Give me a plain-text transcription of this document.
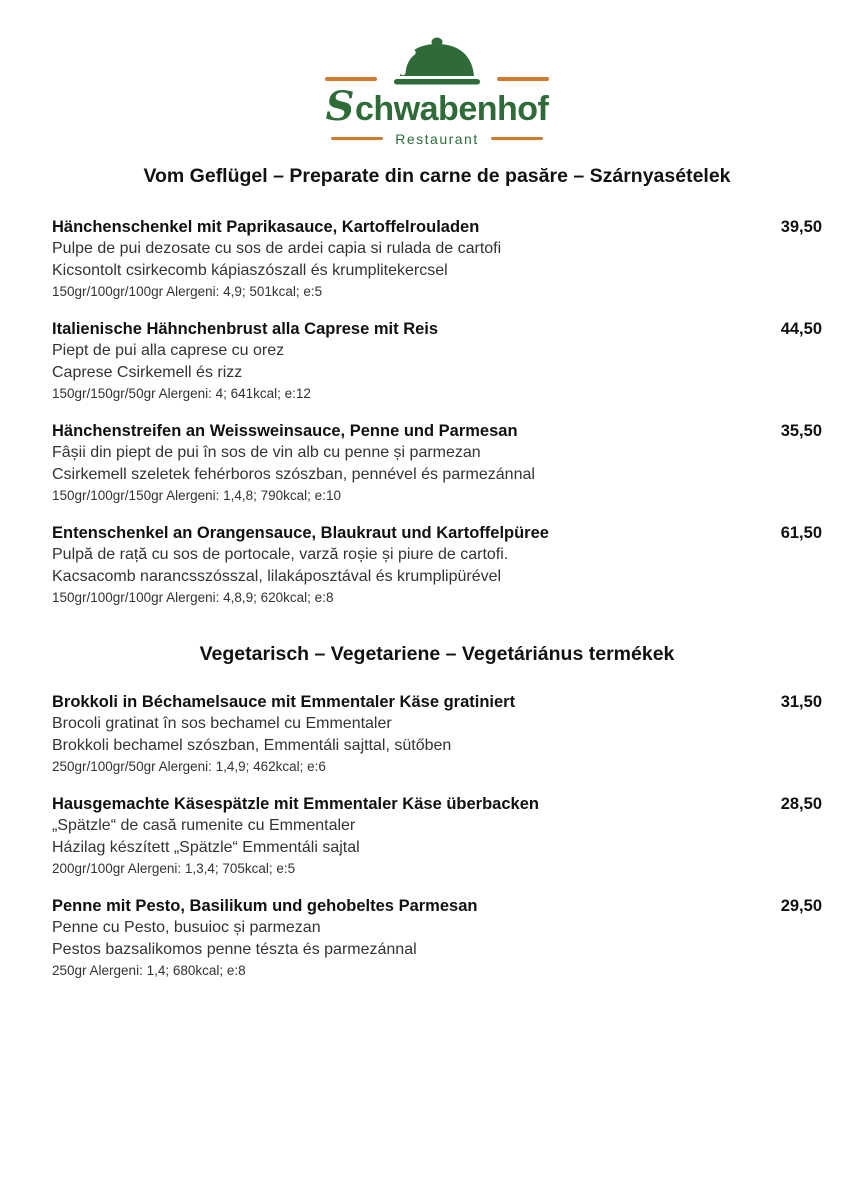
Schwabenhof
Restaurant
Vom Geflügel – Preparate din carne de pasăre – Szárnyasételek
Hänchenschenkel mit Paprikasauce, Kartoffelrouladen	39,50
Pulpe de pui dezosate cu sos de ardei capia si rulada de cartofi
Kicsontolt csirkecomb kápiaszószall és krumplitekercsel
150gr/100gr/100gr Alergeni: 4,9; 501kcal; e:5
Italienische Hähnchenbrust alla Caprese mit Reis	44,50
Piept de pui alla caprese cu orez
Caprese Csirkemell és rizz
150gr/150gr/50gr Alergeni: 4; 641kcal; e:12
Hänchenstreifen an Weissweinsauce, Penne und Parmesan	35,50
Fâșii din piept de pui în sos de vin alb cu penne și parmezan
Csirkemell szeletek fehérboros szószban, pennével és parmezánnal
150gr/100gr/150gr Alergeni: 1,4,8; 790kcal; e:10
Entenschenkel an Orangensauce, Blaukraut und Kartoffelpüree	61,50
Pulpă de rață cu sos de portocale, varză roșie și piure de cartofi.
Kacsacomb narancsszósszal, lilakáposztával és krumplipürével
150gr/100gr/100gr Alergeni: 4,8,9; 620kcal; e:8
Vegetarisch – Vegetariene – Vegetáriánus termékek
Brokkoli in Béchamelsauce mit Emmentaler Käse gratiniert	31,50
Brocoli gratinat în sos bechamel cu Emmentaler
Brokkoli bechamel szószban, Emmentáli sajttal, sütőben
250gr/100gr/50gr Alergeni: 1,4,9; 462kcal; e:6
Hausgemachte Käsespätzle mit Emmentaler Käse überbacken	28,50
„Spätzle“ de casă rumenite cu Emmentaler
Házilag készített „Spätzle“ Emmentáli sajtal
200gr/100gr Alergeni: 1,3,4; 705kcal; e:5
Penne mit Pesto, Basilikum und gehobeltes Parmesan	29,50
Penne cu Pesto, busuioc și parmezan
Pestos bazsalikomos penne tészta és parmezánnal
250gr Alergeni: 1,4; 680kcal; e:8
